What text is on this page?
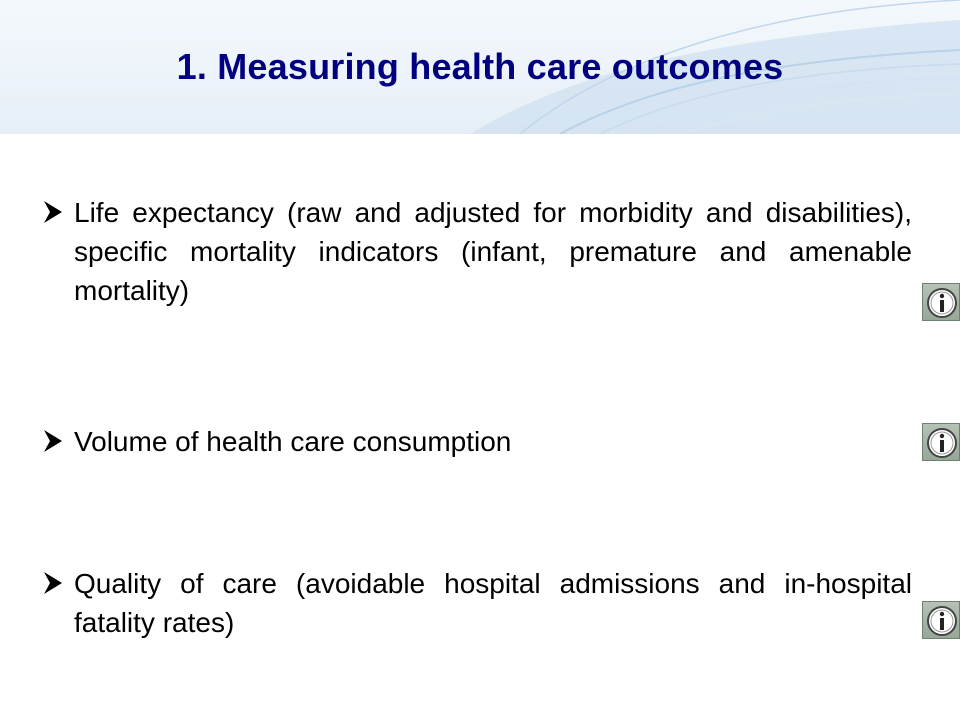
1. Measuring health care outcomes
Life expectancy (raw and adjusted for morbidity and disabilities), specific mortality indicators (infant, premature and amenable mortality)
Volume of health care consumption
Quality of care (avoidable hospital admissions and in-hospital fatality rates)
